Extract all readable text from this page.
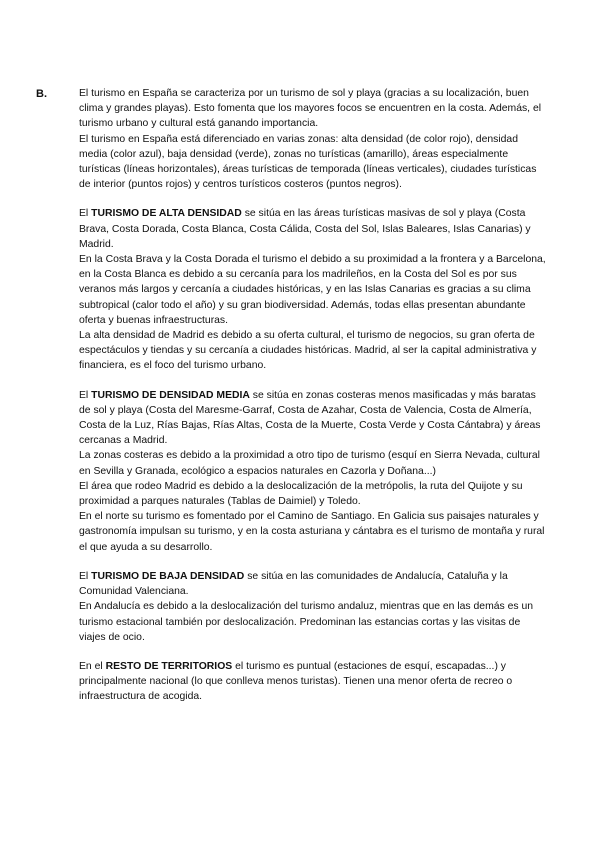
B.	El turismo en España se caracteriza por un turismo de sol y playa (gracias a su localización, buen clima y grandes playas). Esto fomenta que los mayores focos se encuentren en la costa. Además, el turismo urbano y cultural está ganando importancia.

El turismo en España está diferenciado en varias zonas: alta densidad (de color rojo), densidad media (color azul), baja densidad (verde), zonas no turísticas (amarillo), áreas especialmente turísticas (líneas horizontales), áreas turísticas de temporada (líneas verticales), ciudades turísticas de interior (puntos rojos) y centros turísticos costeros (puntos negros).

El TURISMO DE ALTA DENSIDAD se sitúa en las áreas turísticas masivas de sol y playa (Costa Brava, Costa Dorada, Costa Blanca, Costa Cálida, Costa del Sol, Islas Baleares, Islas Canarias) y Madrid.

En la Costa Brava y la Costa Dorada el turismo el debido a su proximidad a la frontera y a Barcelona, en la Costa Blanca es debido a su cercanía para los madrileños, en la Costa del Sol es por sus veranos más largos y cercanía a ciudades históricas, y en las Islas Canarias es gracias a su clima subtropical (calor todo el año) y su gran biodiversidad. Además, todas ellas presentan abundante oferta y buenas infraestructuras.

La alta densidad de Madrid es debido a su oferta cultural, el turismo de negocios, su gran oferta de espectáculos y tiendas y su cercanía a ciudades históricas. Madrid, al ser la capital administrativa y financiera, es el foco del turismo urbano.

El TURISMO DE DENSIDAD MEDIA se sitúa en zonas costeras menos masificadas y más baratas de sol y playa (Costa del Maresme-Garraf, Costa de Azahar, Costa de Valencia, Costa de Almería, Costa de la Luz, Rías Bajas, Rías Altas, Costa de la Muerte, Costa Verde y Costa Cántabra) y áreas cercanas a Madrid.

La zonas costeras es debido a la proximidad a otro tipo de turismo (esquí en Sierra Nevada, cultural en Sevilla y Granada, ecológico a espacios naturales en Cazorla y Doñana...)

El área que rodeo Madrid es debido a la deslocalización de la metrópolis, la ruta del Quijote y su proximidad a parques naturales (Tablas de Daimiel) y Toledo.

En el norte su turismo es fomentado por el Camino de Santiago. En Galicia sus paisajes naturales y gastronomía impulsan su turismo, y en la costa asturiana y cántabra es el turismo de montaña y rural el que ayuda a su desarrollo.

El TURISMO DE BAJA DENSIDAD se sitúa en las comunidades de Andalucía, Cataluña y la Comunidad Valenciana.

En Andalucía es debido a la deslocalización del turismo andaluz, mientras que en las demás es un turismo estacional también por deslocalización. Predominan las estancias cortas y las visitas de viajes de ocio.

En el RESTO DE TERRITORIOS el turismo es puntual (estaciones de esquí, escapadas...) y principalmente nacional (lo que conlleva menos turistas). Tienen una menor oferta de recreo o infraestructura de acogida.
